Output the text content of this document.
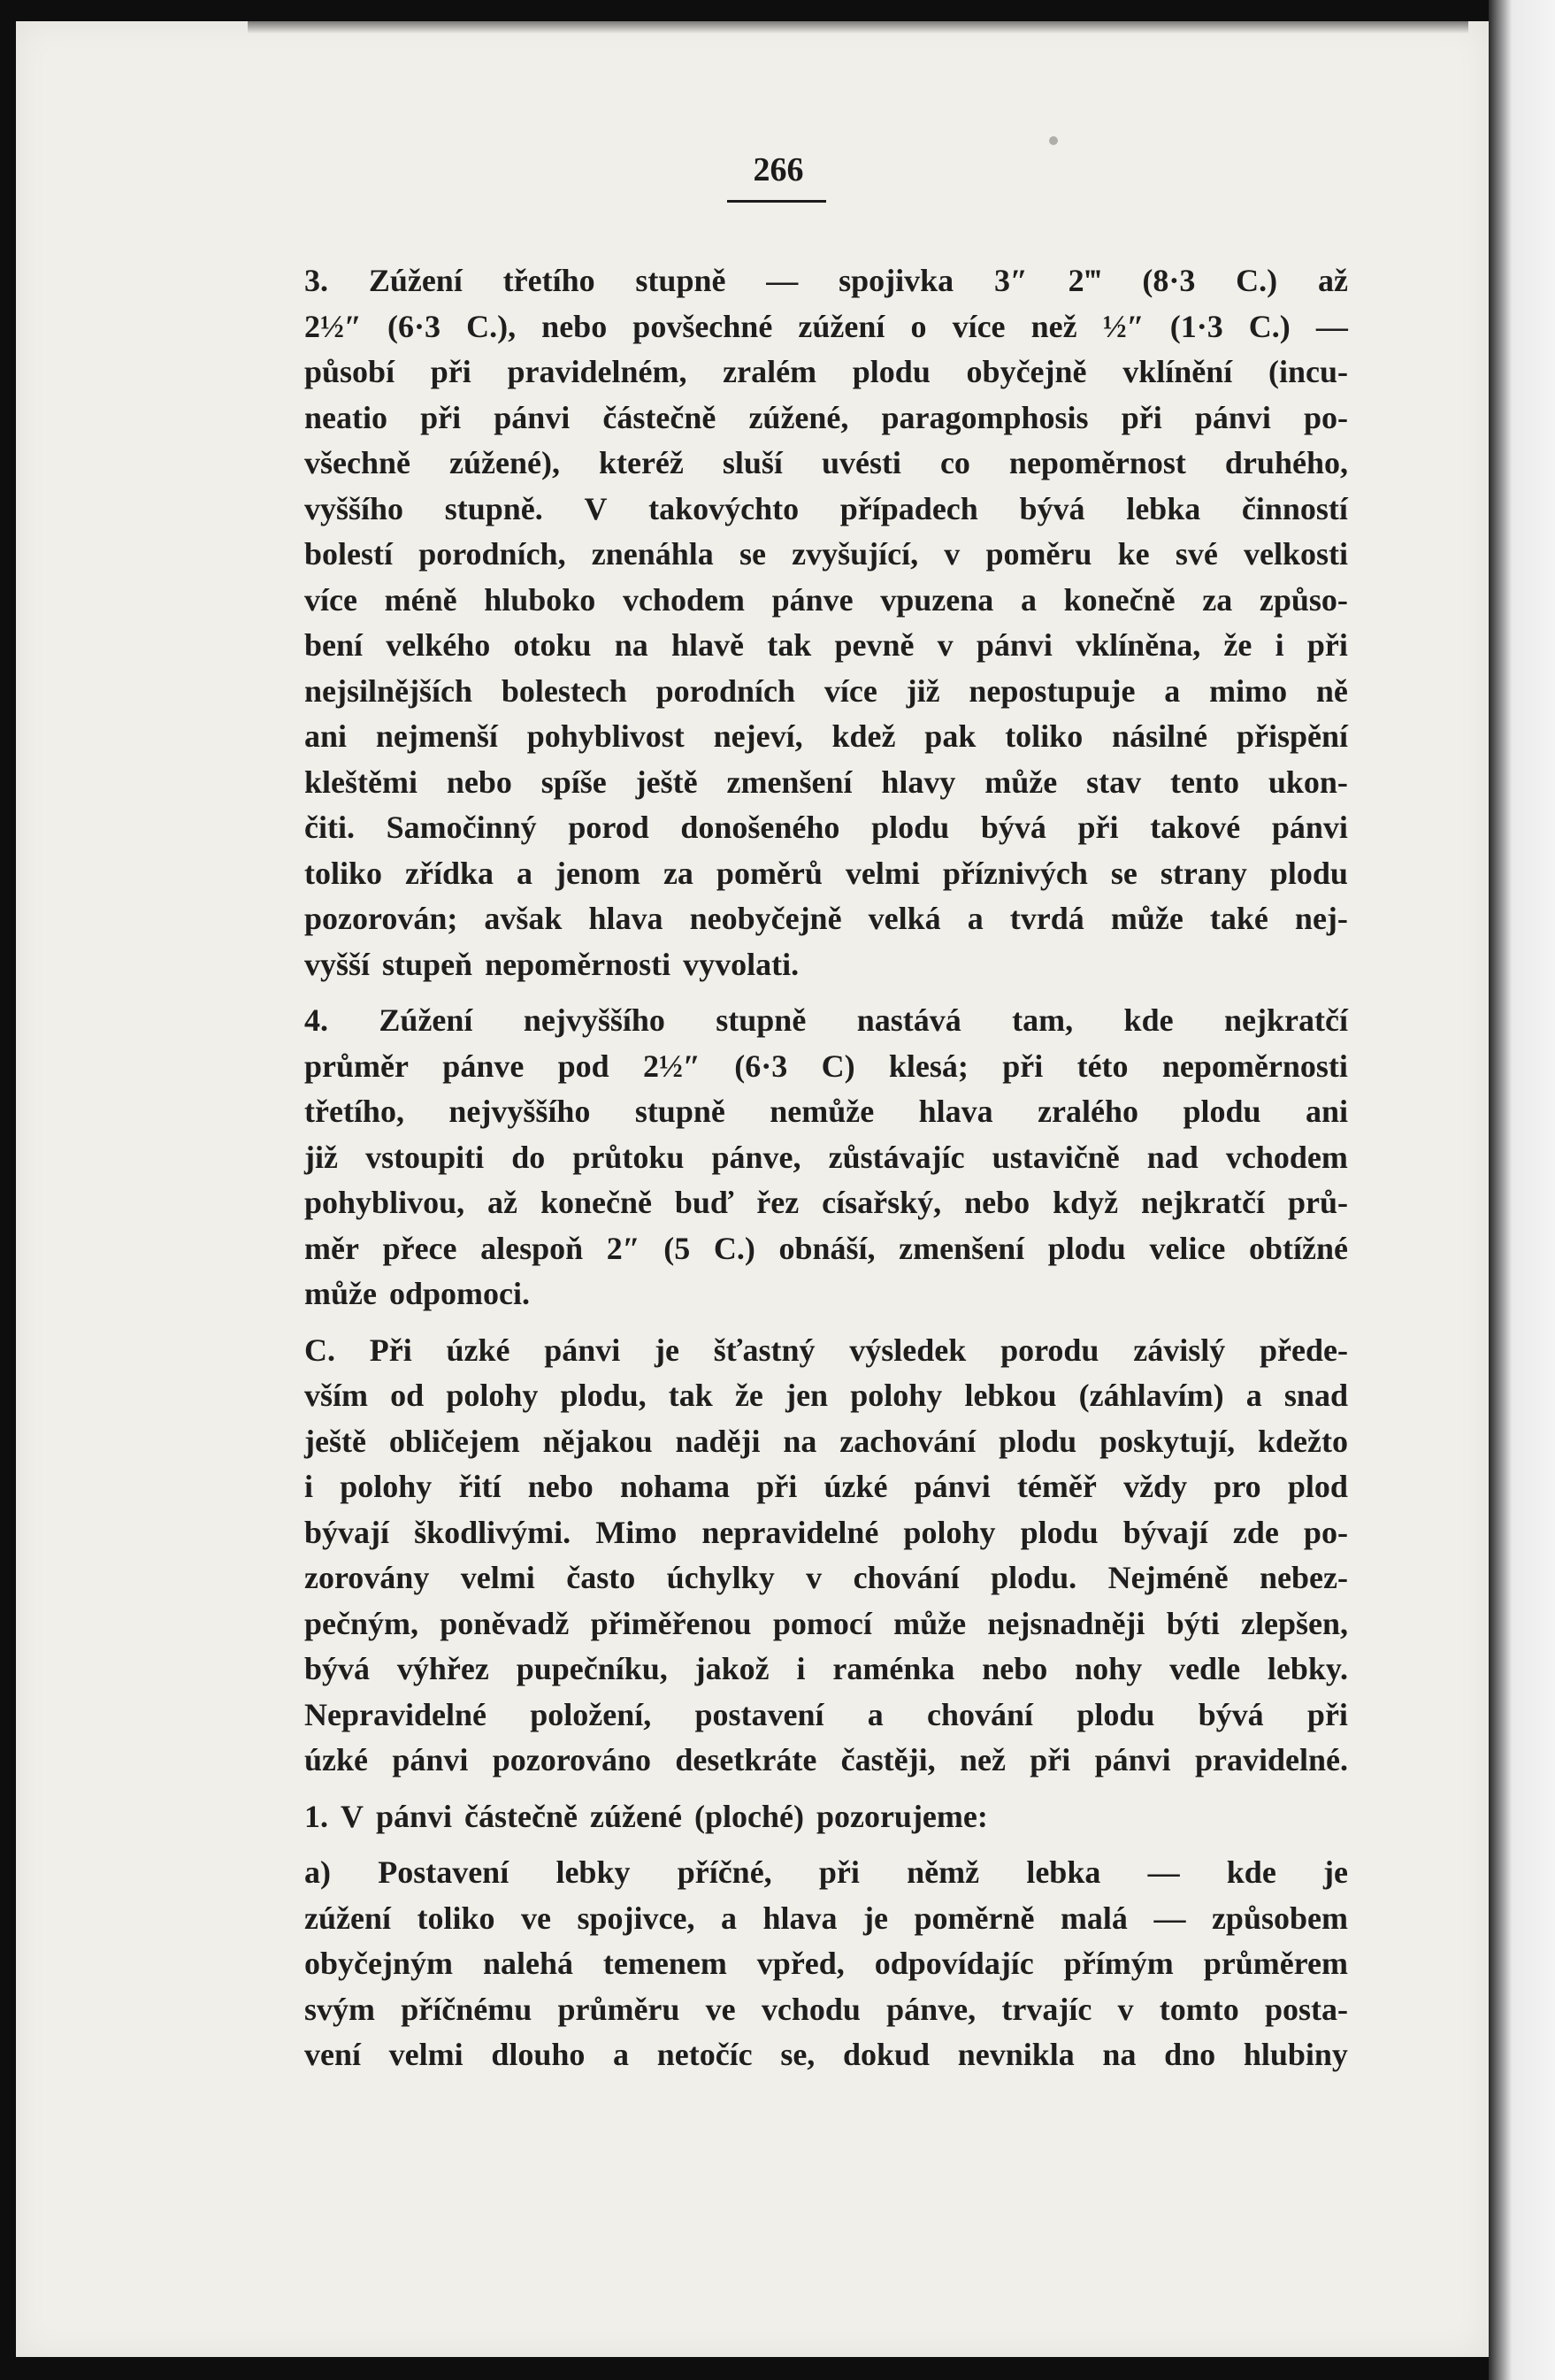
266
3. Zúžení třetího stupně — spojivka 3″ 2‴ (8·3 C.) až
2½″ (6·3 C.), nebo povšechné zúžení o více než ½″ (1·3 C.) —
působí při pravidelném, zralém plodu obyčejně vklínění (incu-
neatio při pánvi částečně zúžené, paragomphosis při pánvi po-
všechně zúžené), kteréž sluší uvésti co nepoměrnost druhého,
vyššího stupně. V takovýchto případech bývá lebka činností
bolestí porodních, znenáhla se zvyšující, v poměru ke své velkosti
více méně hluboko vchodem pánve vpuzena a konečně za způso-
bení velkého otoku na hlavě tak pevně v pánvi vklíněna, že i při
nejsilnějších bolestech porodních více již nepostupuje a mimo ně
ani nejmenší pohyblivost nejeví, kdež pak toliko násilné přispění
kleštěmi nebo spíše ještě zmenšení hlavy může stav tento ukon-
čiti. Samočinný porod donošeného plodu bývá při takové pánvi
toliko zřídka a jenom za poměrů velmi příznivých se strany plodu
pozorován; avšak hlava neobyčejně velká a tvrdá může také nej-
vyšší stupeň nepoměrnosti vyvolati.
4. Zúžení nejvyššího stupně nastává tam, kde nejkratčí
průměr pánve pod 2½″ (6·3 C) klesá; při této nepoměrnosti
třetího, nejvyššího stupně nemůže hlava zralého plodu ani
již vstoupiti do průtoku pánve, zůstávajíc ustavičně nad vchodem
pohyblivou, až konečně buď řez císařský, nebo když nejkratčí prů-
měr přece alespoň 2″ (5 C.) obnáší, zmenšení plodu velice obtížné
může odpomoci.
C. Při úzké pánvi je šťastný výsledek porodu závislý přede-
vším od polohy plodu, tak že jen polohy lebkou (záhlavím) a snad
ještě obličejem nějakou naději na zachování plodu poskytují, kdežto
i polohy řití nebo nohama při úzké pánvi téměř vždy pro plod
bývají škodlivými. Mimo nepravidelné polohy plodu bývají zde po-
zorovány velmi často úchylky v chování plodu. Nejméně nebez-
pečným, poněvadž přiměřenou pomocí může nejsnadněji býti zlepšen,
bývá výhřez pupečníku, jakož i raménka nebo nohy vedle lebky.
Nepravidelné položení, postavení a chování plodu bývá při
úzké pánvi pozorováno desetkráte častěji, než při pánvi pravidelné.
1. V pánvi částečně zúžené (ploché) pozorujeme:
a) Postavení lebky příčné, při němž lebka — kde je
zúžení toliko ve spojivce, a hlava je poměrně malá — způsobem
obyčejným nalehá temenem vpřed, odpovídajíc přímým průměrem
svým příčnému průměru ve vchodu pánve, trvajíc v tomto posta-
vení velmi dlouho a netočíc se, dokud nevnikla na dno hlubiny
